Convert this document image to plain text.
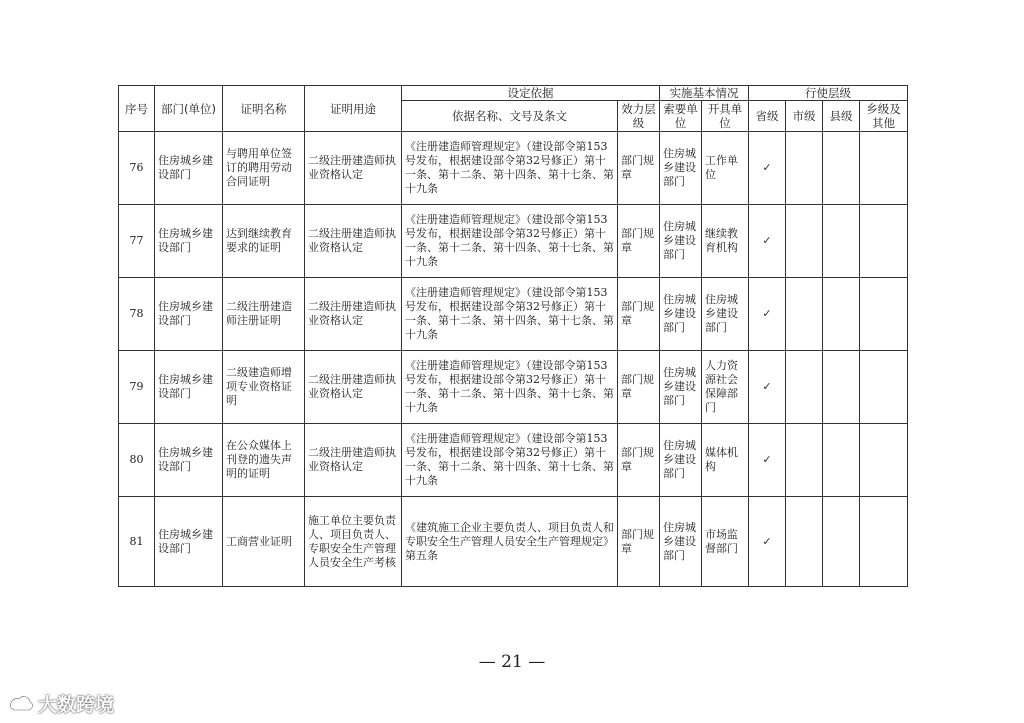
序号	部门(单位)	证明名称	证明用途	设定依据		实施基本情况		行使层级			
				依据名称、文号及条文	效力层级	索要单位	开具单位	省级	市级	县级	乡级及其他
76	住房城乡建设部门	与聘用单位签订的聘用劳动合同证明	二级注册建造师执业资格认定	《注册建造师管理规定》（建设部令第153号发布，根据建设部令第32号修正）第十一条、第十二条、第十四条、第十七条、第十九条	部门规章	住房城乡建设部门	工作单位	✓			
77	住房城乡建设部门	达到继续教育要求的证明	二级注册建造师执业资格认定	《注册建造师管理规定》（建设部令第153号发布，根据建设部令第32号修正）第十一条、第十二条、第十四条、第十七条、第十九条	部门规章	住房城乡建设部门	继续教育机构	✓			
78	住房城乡建设部门	二级注册建造师注册证明	二级注册建造师执业资格认定	《注册建造师管理规定》（建设部令第153号发布，根据建设部令第32号修正）第十一条、第十二条、第十四条、第十七条、第十九条	部门规章	住房城乡建设部门	住房城乡建设部门	✓			
79	住房城乡建设部门	二级建造师增项专业资格证明	二级注册建造师执业资格认定	《注册建造师管理规定》（建设部令第153号发布，根据建设部令第32号修正）第十一条、第十二条、第十四条、第十七条、第十九条	部门规章	住房城乡建设部门	人力资源社会保障部门	✓			
80	住房城乡建设部门	在公众媒体上刊登的遗失声明的证明	二级注册建造师执业资格认定	《注册建造师管理规定》（建设部令第153号发布，根据建设部令第32号修正）第十一条、第十二条、第十四条、第十七条、第十九条	部门规章	住房城乡建设部门	媒体机构	✓			
81	住房城乡建设部门	工商营业证明	施工单位主要负责人、项目负责人、专职安全生产管理人员安全生产考核	《建筑施工企业主要负责人、项目负责人和专职安全生产管理人员安全生产管理规定》第五条	部门规章	住房城乡建设部门	市场监督部门	✓			
— 21 —
大数跨境
